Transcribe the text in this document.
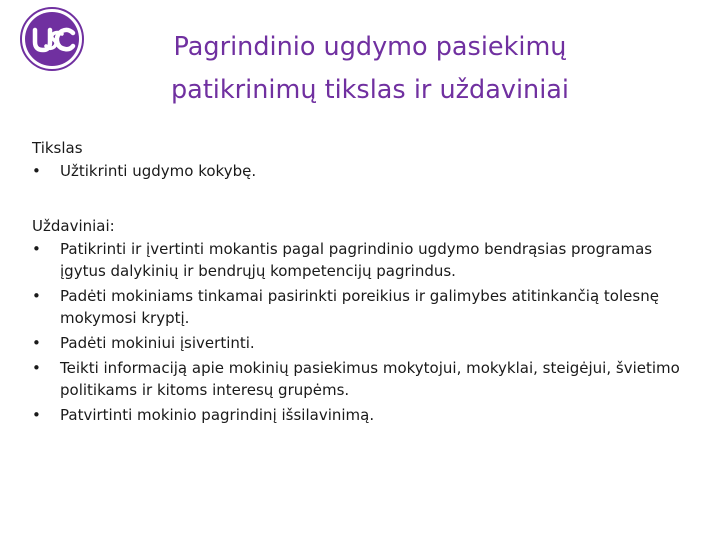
Pagrindinio ugdymo pasiekimų
patikrinimų tikslas ir uždaviniai

Tikslas

•	Užtikrinti ugdymo kokybę.

Uždaviniai:

•	Patikrinti ir įvertinti mokantis pagal pagrindinio ugdymo bendrąsias programas įgytus dalykinių ir bendrųjų kompetencijų pagrindus.
•	Padėti mokiniams tinkamai pasirinkti poreikius ir galimybes atitinkančią tolesnę mokymosi kryptį.
•	Padėti mokiniui įsivertinti.
•	Teikti informaciją apie mokinių pasiekimus mokytojui, mokyklai, steigėjui, švietimo politikams ir kitoms interesų grupėms.
•	Patvirtinti mokinio pagrindinį išsilavinimą.
